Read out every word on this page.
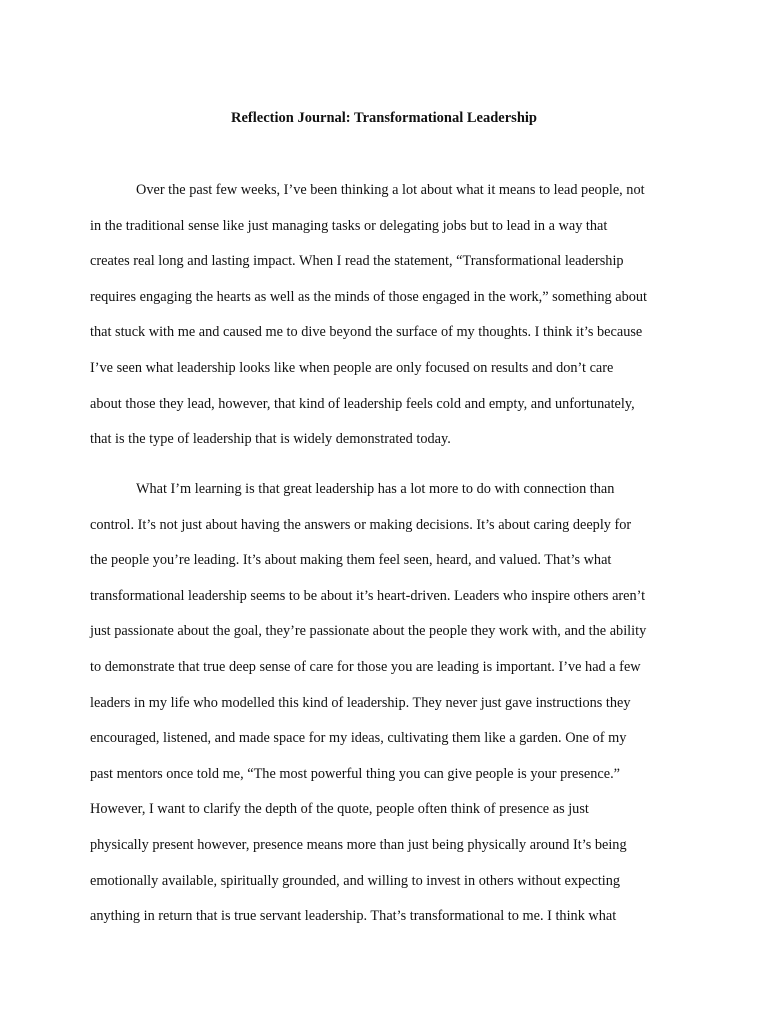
Reflection Journal: Transformational Leadership
Over the past few weeks, I’ve been thinking a lot about what it means to lead people, not
in the traditional sense like just managing tasks or delegating jobs but to lead in a way that
creates real long and lasting impact. When I read the statement, “Transformational leadership
requires engaging the hearts as well as the minds of those engaged in the work,” something about
that stuck with me and caused me to dive beyond the surface of my thoughts. I think it’s because
I’ve seen what leadership looks like when people are only focused on results and don’t care
about those they lead, however, that kind of leadership feels cold and empty, and unfortunately,
that is the type of leadership that is widely demonstrated today.
What I’m learning is that great leadership has a lot more to do with connection than
control. It’s not just about having the answers or making decisions. It’s about caring deeply for
the people you’re leading. It’s about making them feel seen, heard, and valued. That’s what
transformational leadership seems to be about it’s heart-driven. Leaders who inspire others aren’t
just passionate about the goal, they’re passionate about the people they work with, and the ability
to demonstrate that true deep sense of care for those you are leading is important. I’ve had a few
leaders in my life who modelled this kind of leadership. They never just gave instructions they
encouraged, listened, and made space for my ideas, cultivating them like a garden. One of my
past mentors once told me, “The most powerful thing you can give people is your presence.”
However, I want to clarify the depth of the quote, people often think of presence as just
physically present however, presence means more than just being physically around It’s being
emotionally available, spiritually grounded, and willing to invest in others without expecting
anything in return that is true servant leadership. That’s transformational to me. I think what
